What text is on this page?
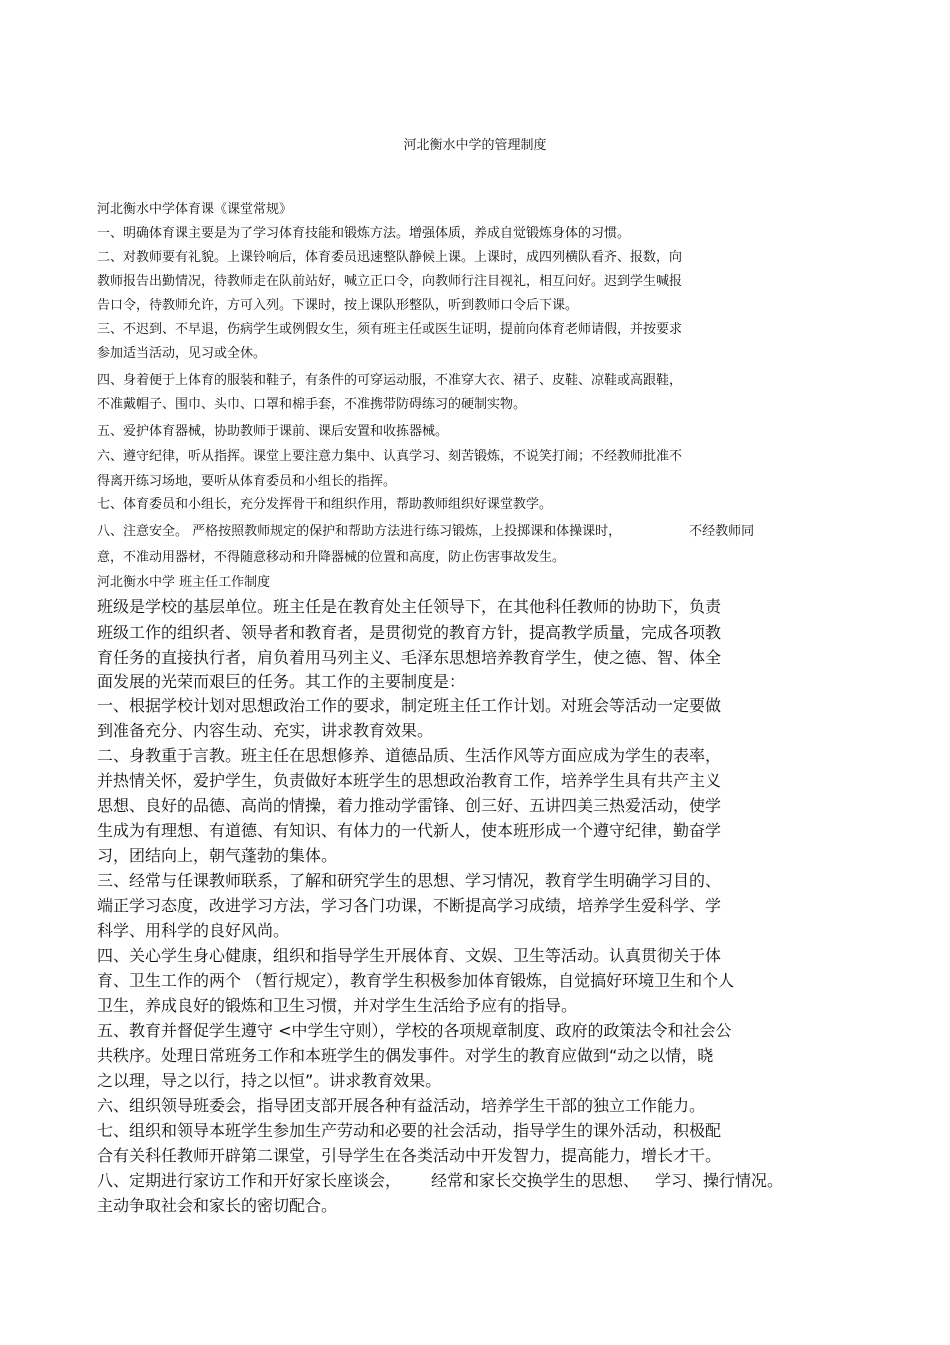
河北衡水中学的管理制度

河北衡水中学体育课《课堂常规》

一、明确体育课主要是为了学习体育技能和锻炼方法。增强体质，养成自觉锻炼身体的习惯。

二、对教师要有礼貌。上课铃响后，体育委员迅速整队静候上课。上课时，成四列横队看齐、报数，向

教师报告出勤情况，待教师走在队前站好，喊立正口令，向教师行注目视礼，相互问好。迟到学生喊报

告口令，待教师允许，方可入列。下课时，按上课队形整队，听到教师口令后下课。

三、不迟到、不早退，伤病学生或例假女生，须有班主任或医生证明，提前向体育老师请假，并按要求

参加适当活动，见习或全休。

四、身着便于上体育的服装和鞋子，有条件的可穿运动服，不准穿大衣、裙子、皮鞋、凉鞋或高跟鞋，

不准戴帽子、围巾、头巾、口罩和棉手套，不准携带防碍练习的硬制实物。

五、爱护体育器械，协助教师于课前、课后安置和收拣器械。

六、遵守纪律，听从指挥。课堂上要注意力集中、认真学习、刻苦锻炼，不说笑打闹；不经教师批准不

得离开练习场地，要听从体育委员和小组长的指挥。

七、体育委员和小组长，充分发挥骨干和组织作用，帮助教师组织好课堂教学。

八、注意安全。 严格按照教师规定的保护和帮助方法进行练习锻炼，上投掷课和体操课时，	不经教师同

意，不准动用器材，不得随意移动和升降器械的位置和高度，防止伤害事故发生。

河北衡水中学 班主任工作制度

班级是学校的基层单位。班主任是在教育处主任领导下，在其他科任教师的协助下，负责

班级工作的组织者、领导者和教育者，是贯彻党的教育方针，提高教学质量，完成各项教

育任务的直接执行者，肩负着用马列主义、毛泽东思想培养教育学生，使之德、智、体全

面发展的光荣而艰巨的任务。其工作的主要制度是：

一、根据学校计划对思想政治工作的要求，制定班主任工作计划。对班会等活动一定要做

到准备充分、内容生动、充实，讲求教育效果。

二、身教重于言教。班主任在思想修养、道德品质、生活作风等方面应成为学生的表率，

并热情关怀，爱护学生，负责做好本班学生的思想政治教育工作，培养学生具有共产主义

思想、良好的品德、高尚的情操，着力推动学雷锋、创三好、五讲四美三热爱活动，使学

生成为有理想、有道德、有知识、有体力的一代新人，使本班形成一个遵守纪律，勤奋学

习，团结向上，朝气蓬勃的集体。

三、经常与任课教师联系，了解和研究学生的思想、学习情况，教育学生明确学习目的、

端正学习态度，改进学习方法，学习各门功课，不断提高学习成绩，培养学生爱科学、学

科学、用科学的良好风尚。

四、关心学生身心健康，组织和指导学生开展体育、文娱、卫生等活动。认真贯彻关于体

育、卫生工作的两个 （暂行规定），教育学生积极参加体育锻炼，自觉搞好环境卫生和个人

卫生，养成良好的锻炼和卫生习惯，并对学生生活给予应有的指导。

五、教育并督促学生遵守 <中学生守则），学校的各项规章制度、政府的政策法令和社会公

共秩序。处理日常班务工作和本班学生的偶发事件。对学生的教育应做到“动之以情，晓

之以理，导之以行，持之以恒”。讲求教育效果。

六、组织领导班委会，指导团支部开展各种有益活动，培养学生干部的独立工作能力。

七、组织和领导本班学生参加生产劳动和必要的社会活动，指导学生的课外活动，积极配

合有关科任教师开辟第二课堂，引导学生在各类活动中开发智力，提高能力，增长才干。

八、定期进行家访工作和开好家长座谈会， 经常和家长交换学生的思想、 学习、操行情况。

主动争取社会和家长的密切配合。
